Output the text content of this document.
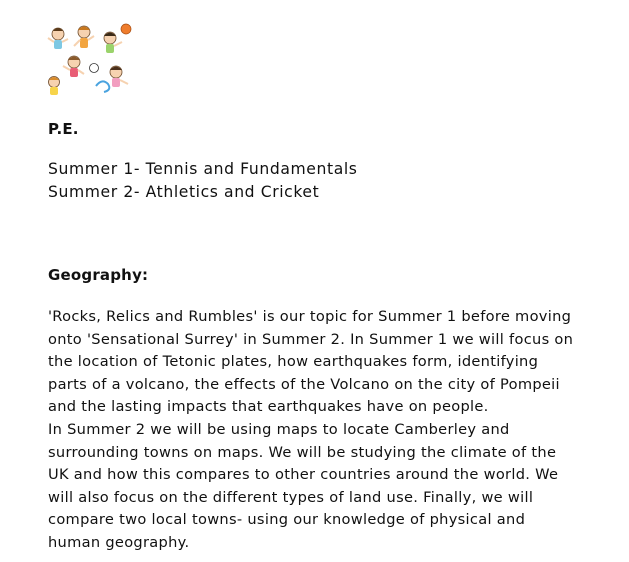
P.E.
Summer 1- Tennis and Fundamentals
Summer 2- Athletics and Cricket
Geography:
'Rocks, Relics and Rumbles' is our topic for Summer 1 before moving
onto 'Sensational Surrey' in Summer 2. In Summer 1 we will focus on
the location of Tetonic plates, how earthquakes form, identifying
parts of a volcano, the effects of the Volcano on the city of Pompeii
and the lasting impacts that earthquakes have on people.
In Summer 2 we will be using maps to locate Camberley and
surrounding towns on maps. We will be studying the climate of the
UK and how this compares to other countries around the world. We
will also focus on the different types of land use. Finally, we will
compare two local towns- using our knowledge of physical and
human geography.
